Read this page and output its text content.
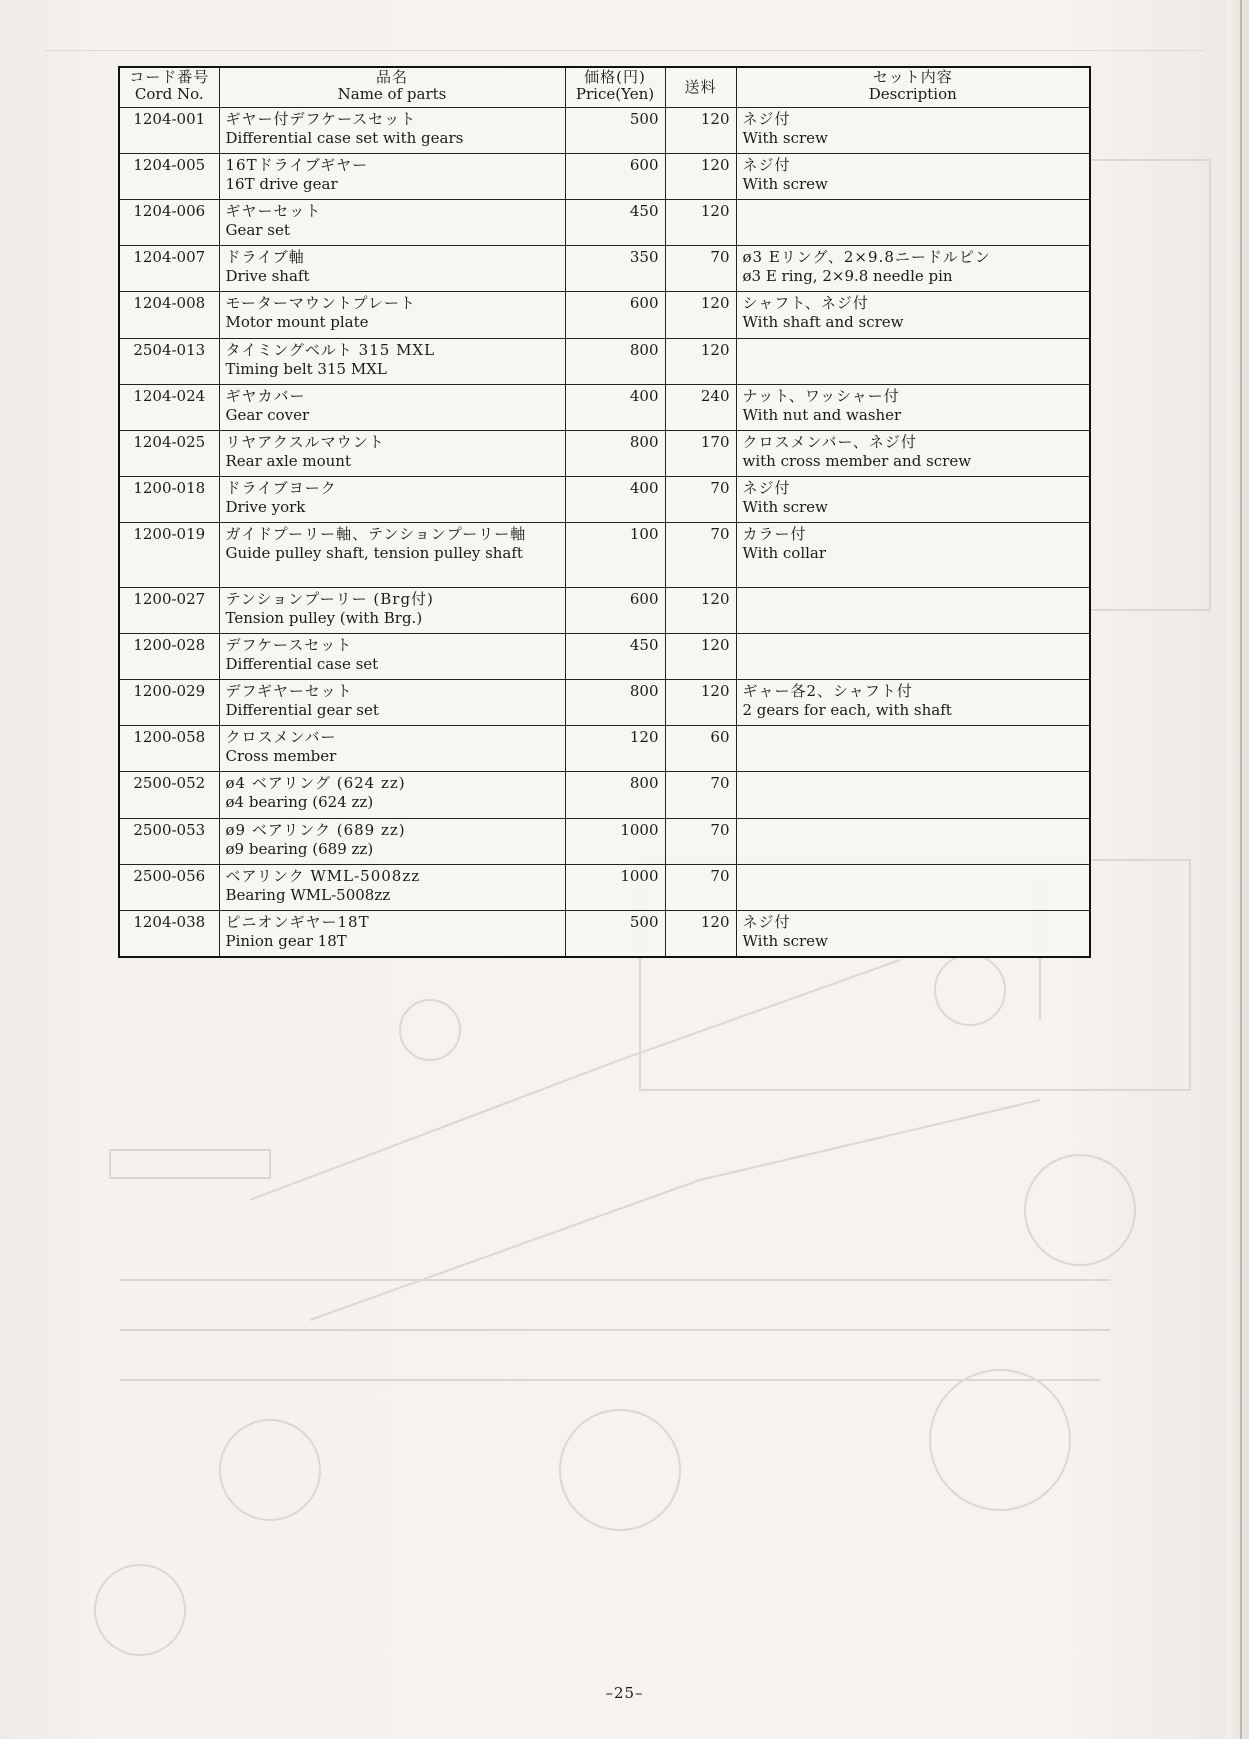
コード番号
Cord No.	品名
Name of parts	価格(円)
Price(Yen)	送料	セット内容
Description

1204-001	ギヤー付デフケースセット
Differential case set with gears	500	120	ネジ付
With screw

1204-005	16Tドライブギヤー
16T drive gear	600	120	ネジ付
With screw

1204-006	ギヤーセット
Gear set	450	120	

1204-007	ドライブ軸
Drive shaft	350	70	ø3 Eリング、2×9.8ニードルピン
ø3 E ring, 2×9.8 needle pin

1204-008	モーターマウントプレート
Motor mount plate	600	120	シャフト、ネジ付
With shaft and screw

2504-013	タイミングベルト 315 MXL
Timing belt 315 MXL	800	120	

1204-024	ギヤカバー
Gear cover	400	240	ナット、ワッシャー付
With nut and washer

1204-025	リヤアクスルマウント
Rear axle mount	800	170	クロスメンバー、ネジ付
with cross member and screw

1200-018	ドライブヨーク
Drive york	400	70	ネジ付
With screw

1200-019	ガイドプーリー軸、テンションプーリー軸
Guide pulley shaft, tension pulley shaft	100	70	カラー付
With collar

1200-027	テンションプーリー (Brg付)
Tension pulley (with Brg.)	600	120	

1200-028	デフケースセット
Differential case set	450	120	

1200-029	デフギヤーセット
Differential gear set	800	120	ギャー各2、シャフト付
2 gears for each, with shaft

1200-058	クロスメンバー
Cross member	120	60	

2500-052	ø4 ベアリング (624 zz)
ø4 bearing (624 zz)	800	70	

2500-053	ø9 ベアリンク (689 zz)
ø9 bearing (689 zz)	1000	70	

2500-056	ベアリンク WML-5008zz
Bearing WML-5008zz	1000	70	

1204-038	ピニオンギヤー18T
Pinion gear 18T	500	120	ネジ付
With screw
–25–
